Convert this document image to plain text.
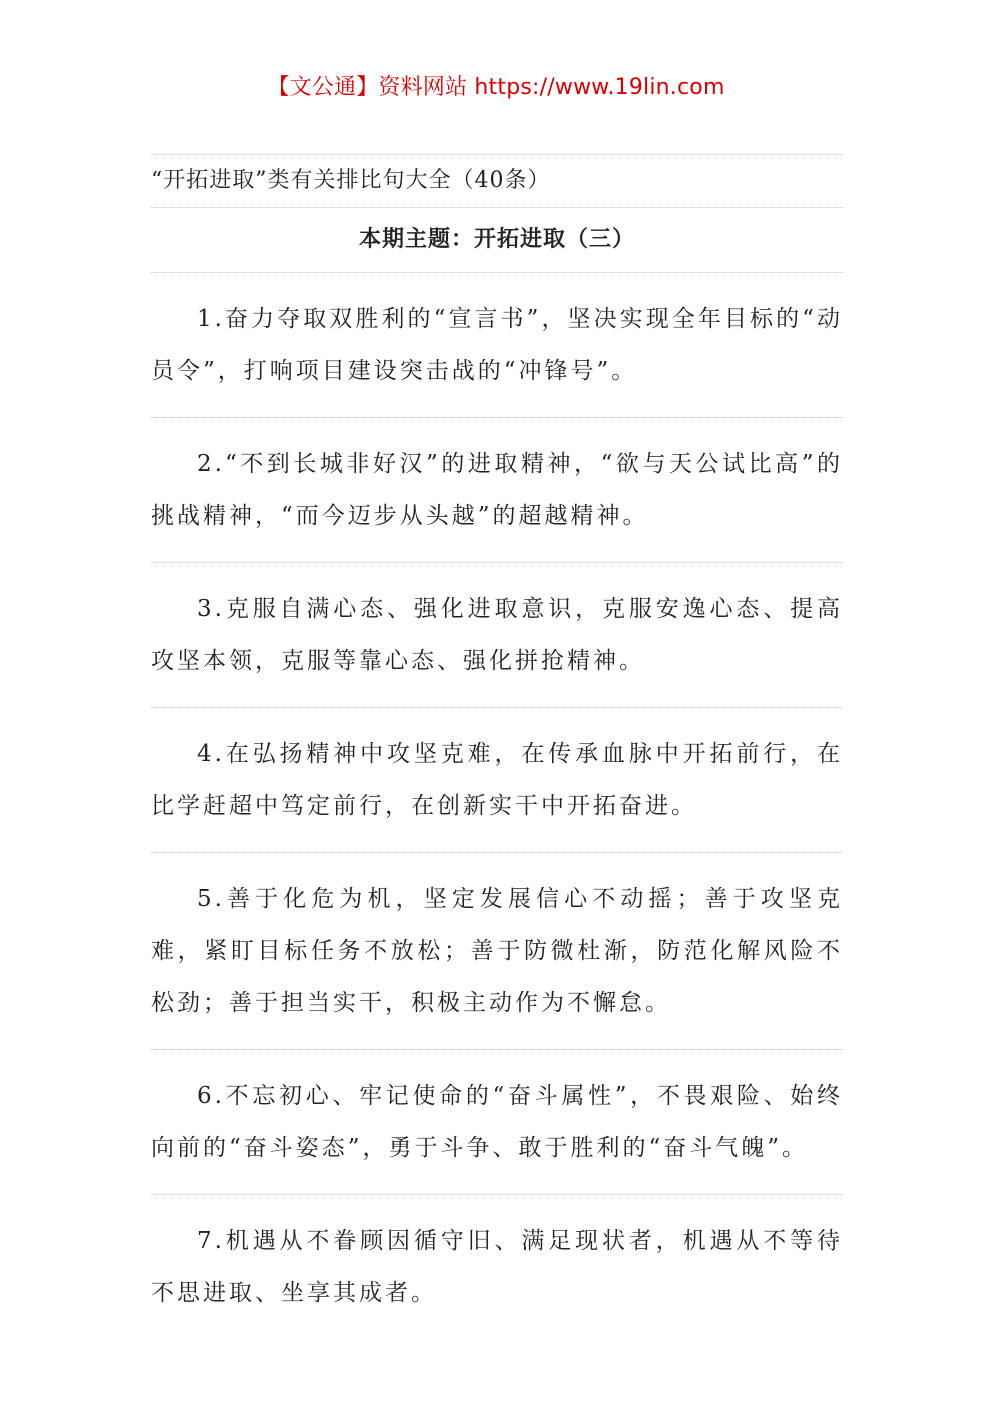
【文公通】资料网站 https://www.19lin.com
“开拓进取”类有关排比句大全（40条）
本期主题：开拓进取（三）
1.奋力夺取双胜利的“宣言书”，坚决实现全年目标的“动员令”，打响项目建设突击战的“冲锋号”。
2.“不到长城非好汉”的进取精神，“欲与天公试比高”的挑战精神，“而今迈步从头越”的超越精神。
3.克服自满心态、强化进取意识，克服安逸心态、提高攻坚本领，克服等靠心态、强化拼抢精神。
4.在弘扬精神中攻坚克难，在传承血脉中开拓前行，在比学赶超中笃定前行，在创新实干中开拓奋进。
5.善于化危为机，坚定发展信心不动摇；善于攻坚克难，紧盯目标任务不放松；善于防微杜渐，防范化解风险不松劲；善于担当实干，积极主动作为不懈怠。
6.不忘初心、牢记使命的“奋斗属性”，不畏艰险、始终向前的“奋斗姿态”，勇于斗争、敢于胜利的“奋斗气魄”。
7.机遇从不眷顾因循守旧、满足现状者，机遇从不等待不思进取、坐享其成者。
